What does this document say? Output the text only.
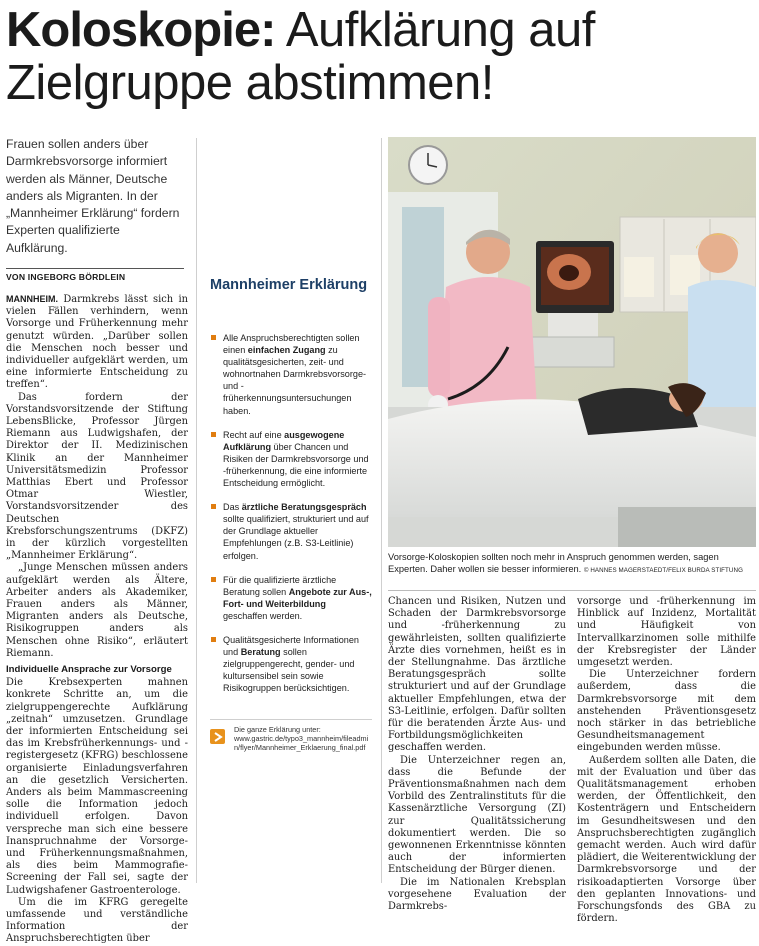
Koloskopie: Aufklärung auf
Zielgruppe abstimmen!
Frauen sollen anders über Darmkrebsvorsorge informiert werden als Männer, Deutsche anders als Migranten. In der „Mannheimer Erklärung“ fordern Experten qualifizierte Aufklärung.
VON INGEBORG BÖRDLEIN

MANNHEIM. Darmkrebs lässt sich in vielen Fällen verhindern, wenn Vorsorge und Früherkennung mehr genutzt würden. „Darüber sollen die Menschen noch besser und individueller aufgeklärt werden, um eine informierte Entscheidung zu treffen“.

Das fordern der Vorstandsvorsitzende der Stiftung LebensBlicke, Professor Jürgen Riemann aus Ludwigshafen, der Direktor der II. Medizinischen Klinik an der Mannheimer Universitätsmedizin Professor Matthias Ebert und Professor Otmar Wiestler, Vorstandsvorsitzender des Deutschen Krebsforschungszentrums (DKFZ) in der kürzlich vorgestellten „Mannheimer Erklärung“.

„Junge Menschen müssen anders aufgeklärt werden als Ältere, Arbeiter anders als Akademiker, Frauen anders als Männer, Migranten anders als Deutsche, Risikogruppen anders als Menschen ohne Risiko“, erläutert Riemann.

Individuelle Ansprache zur Vorsorge

Die Krebsexperten mahnen konkrete Schritte an, um die zielgruppengerechte Aufklärung „zeitnah“ umzusetzen. Grundlage der informierten Entscheidung sei das im Krebsfrüherkennungs- und -registergesetz (KFRG) beschlossene organisierte Einladungsverfahren an die gesetzlich Versicherten. Anders als beim Mammascreening solle die Information jedoch individuell erfolgen. Davon verspreche man sich eine bessere Inanspruchnahme der Vorsorge- und Früherkennungsmaßnahmen, als dies beim Mammografie-Screening der Fall sei, sagte der Ludwigshafener Gastroenterologe.

Um die im KFRG geregelte umfassende und verständliche Information der Anspruchsberechtigten über

Mannheimer Erklärung
Alle Anspruchsberechtigten sollen einen einfachen Zugang zu qualitätsgesicherten, zeit- und wohnortnahen Darmkrebsvorsorge- und -früherkennungsuntersuchungen haben.
Recht auf eine ausgewogene Aufklärung über Chancen und Risiken der Darmkrebsvorsorge und -früherkennung, die eine informierte Entscheidung ermöglicht.
Das ärztliche Beratungsgespräch sollte qualifiziert, strukturiert und auf der Grundlage aktueller Empfehlungen (z.B. S3-Leitlinie) erfolgen.
Für die qualifizierte ärztliche Beratung sollen Angebote zur Aus-, Fort- und Weiterbildung geschaffen werden.
Qualitätsgesicherte Informationen und Beratung sollen zielgruppengerecht, gender- und kultursensibel sein sowie Risikogruppen berücksichtigen.
Die ganze Erklärung unter:
www.gastric.de/typo3_mannheim/fileadmin/flyer/Mannheimer_Erklaerung_final.pdf
Vorsorge-Koloskopien sollten noch mehr in Anspruch genommen werden, sagen Experten. Daher wollen sie besser informieren. © HANNES MAGERSTAEDT/FELIX BURDA STIFTUNG

Chancen und Risiken, Nutzen und Schaden der Darmkrebsvorsorge und -früherkennung zu gewährleisten, sollten qualifizierte Ärzte dies vornehmen, heißt es in der Stellungnahme. Das ärztliche Beratungsgespräch sollte strukturiert und auf der Grundlage aktueller Empfehlungen, etwa der S3-Leitlinie, erfolgen. Dafür sollten für die beratenden Ärzte Aus- und Fortbildungsmöglichkeiten geschaffen werden.

Die Unterzeichner regen an, dass die Befunde der Präventionsmaßnahmen nach dem Vorbild des Zentralinstituts für die Kassenärztliche Versorgung (ZI) zur Qualitätssicherung dokumentiert werden. Die so gewonnenen Erkenntnisse könnten auch der informierten Entscheidung der Bürger dienen.

Die im Nationalen Krebsplan vorgesehene Evaluation der Darmkrebs-

vorsorge und -früherkennung im Hinblick auf Inzidenz, Mortalität und Häufigkeit von Intervallkarzinomen solle mithilfe der Krebsregister der Länder umgesetzt werden.

Die Unterzeichner fordern außerdem, dass die Darmkrebsvorsorge mit dem anstehenden Präventionsgesetz noch stärker in das betriebliche Gesundheitsmanagement eingebunden werden müsse.

Außerdem sollten alle Daten, die mit der Evaluation und über das Qualitätsmanagement erhoben werden, der Öffentlichkeit, den Kostenträgern und Entscheidern im Gesundheitswesen und den Anspruchsberechtigten zugänglich gemacht werden. Auch wird dafür plädiert, die Weiterentwicklung der Darmkrebsvorsorge und der risikoadaptierten Vorsorge über den geplanten Innovations- und Forschungsfonds des GBA zu fördern.
